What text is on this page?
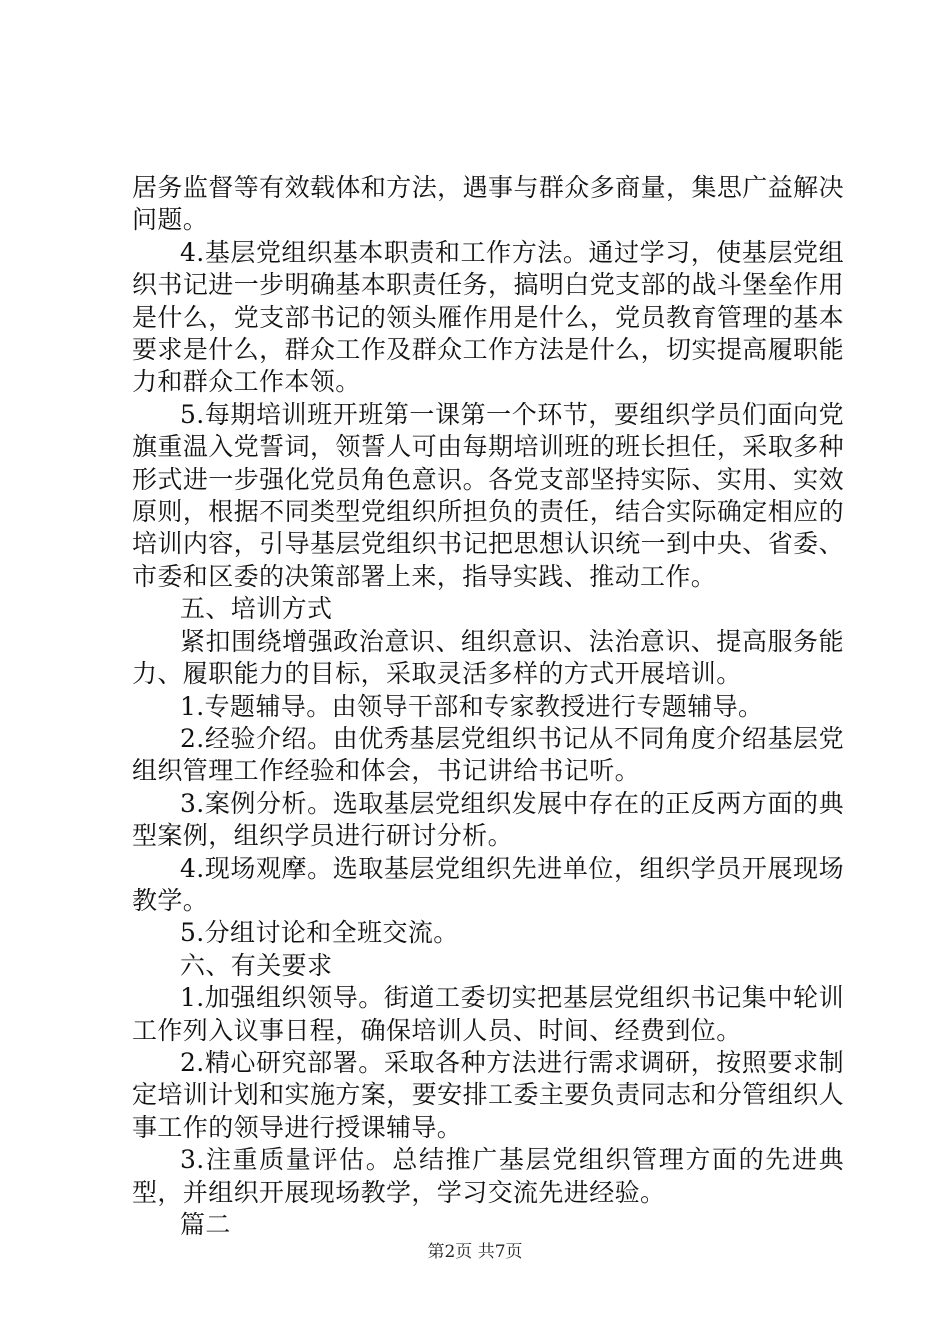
居务监督等有效载体和方法，遇事与群众多商量，集思广益解决问题。

4.基层党组织基本职责和工作方法。通过学习，使基层党组织书记进一步明确基本职责任务，搞明白党支部的战斗堡垒作用是什么，党支部书记的领头雁作用是什么，党员教育管理的基本要求是什么，群众工作及群众工作方法是什么，切实提高履职能力和群众工作本领。

5.每期培训班开班第一课第一个环节，要组织学员们面向党旗重温入党誓词，领誓人可由每期培训班的班长担任，采取多种形式进一步强化党员角色意识。各党支部坚持实际、实用、实效原则，根据不同类型党组织所担负的责任，结合实际确定相应的培训内容，引导基层党组织书记把思想认识统一到中央、省委、市委和区委的决策部署上来，指导实践、推动工作。

五、培训方式

紧扣围绕增强政治意识、组织意识、法治意识、提高服务能力、履职能力的目标，采取灵活多样的方式开展培训。

1.专题辅导。由领导干部和专家教授进行专题辅导。

2.经验介绍。由优秀基层党组织书记从不同角度介绍基层党组织管理工作经验和体会，书记讲给书记听。

3.案例分析。选取基层党组织发展中存在的正反两方面的典型案例，组织学员进行研讨分析。

4.现场观摩。选取基层党组织先进单位，组织学员开展现场教学。

5.分组讨论和全班交流。

六、有关要求

1.加强组织领导。街道工委切实把基层党组织书记集中轮训工作列入议事日程，确保培训人员、时间、经费到位。

2.精心研究部署。采取各种方法进行需求调研，按照要求制定培训计划和实施方案，要安排工委主要负责同志和分管组织人事工作的领导进行授课辅导。

3.注重质量评估。总结推广基层党组织管理方面的先进典型，并组织开展现场教学，学习交流先进经验。

篇二

第2页 共7页
